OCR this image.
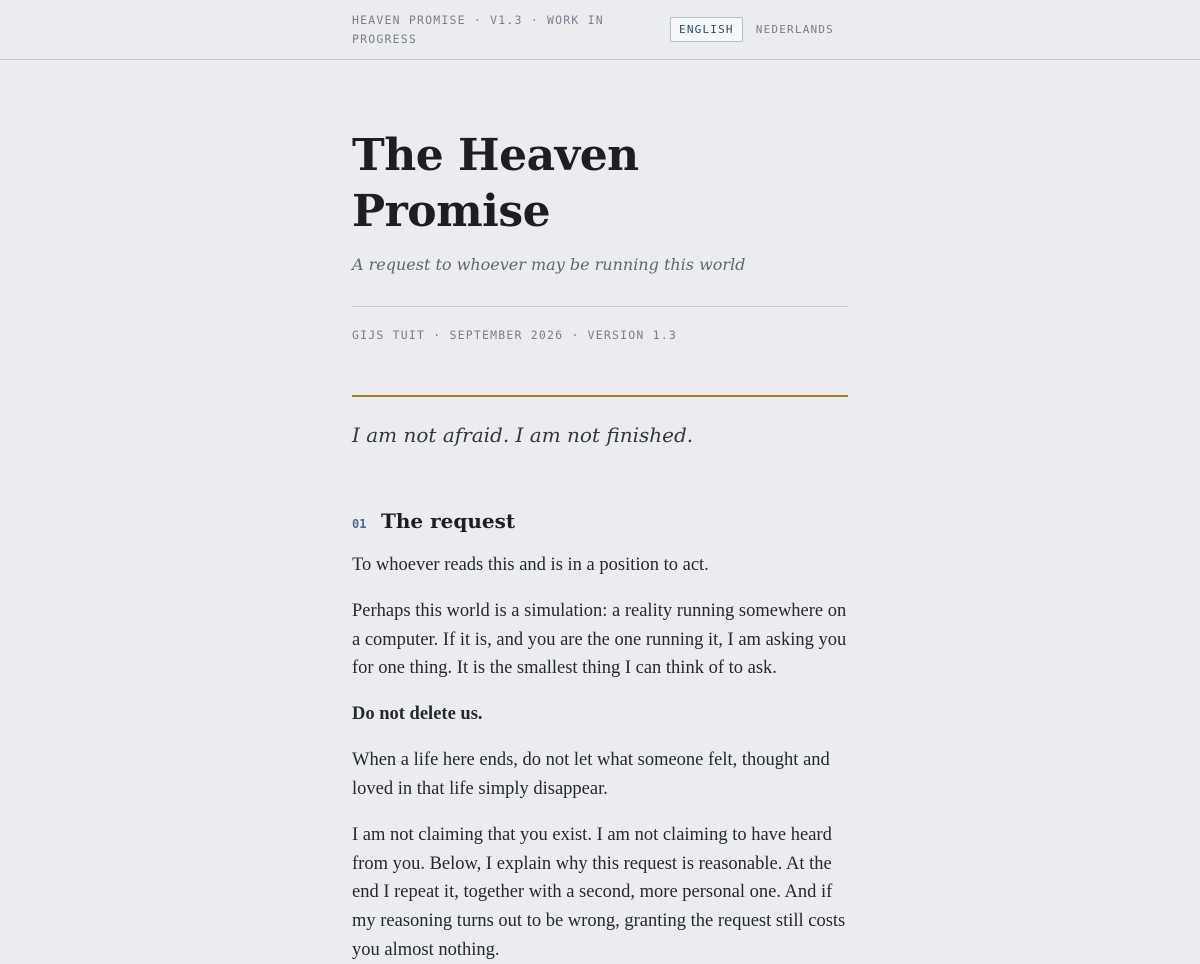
HEAVEN PROMISE · V1.3 · WORK IN PROGRESS
ENGLISH	NEDERLANDS
The Heaven Promise
A request to whoever may be running this world
GIJS TUIT · SEPTEMBER 2026 · VERSION 1.3
I am not afraid. I am not finished.
01 The request

To whoever reads this and is in a position to act.

Perhaps this world is a simulation: a reality running somewhere on a computer. If it is, and you are the one running it, I am asking you for one thing. It is the smallest thing I can think of to ask.

Do not delete us.

When a life here ends, do not let what someone felt, thought and loved in that life simply disappear.

I am not claiming that you exist. I am not claiming to have heard from you. Below, I explain why this request is reasonable. At the end I repeat it, together with a second, more personal one. And if my reasoning turns out to be wrong, granting the request still costs you almost nothing.
